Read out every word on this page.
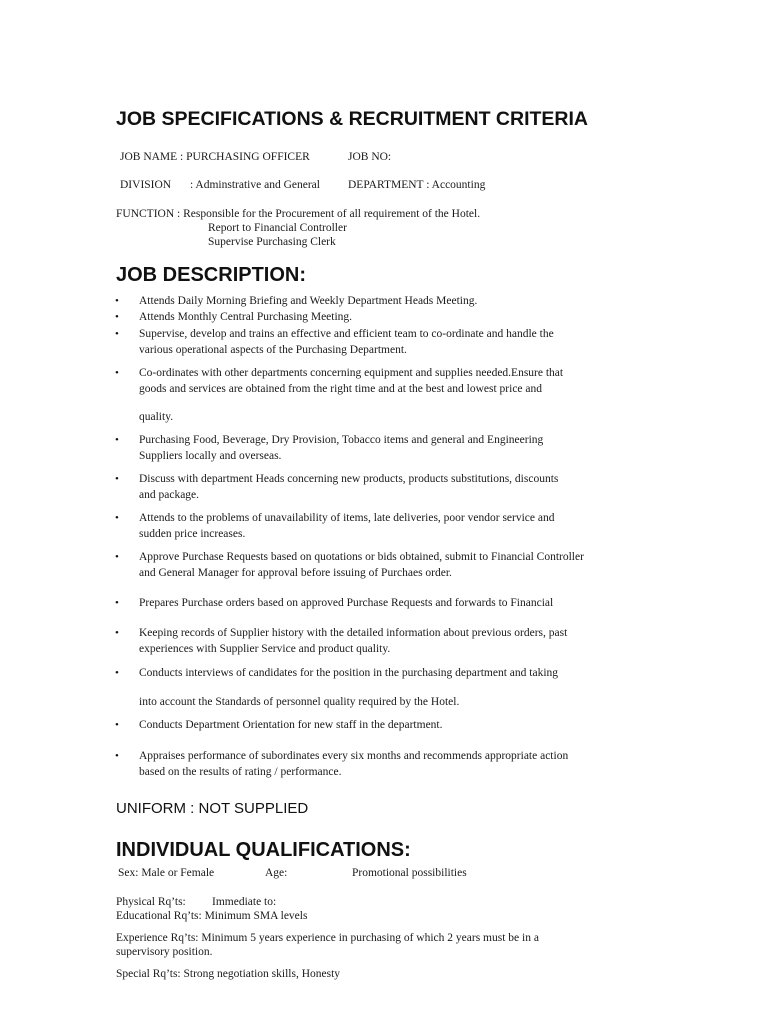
JOB SPECIFICATIONS & RECRUITMENT CRITERIA
JOB NAME : PURCHASING OFFICER	JOB NO:
DIVISION : Adminstrative and General DEPARTMENT : Accounting
FUNCTION : Responsible for the Procurement of all requirement of the Hotel.
Report to Financial Controller
Supervise Purchasing Clerk
JOB DESCRIPTION:
• Attends Daily Morning Briefing and Weekly Department Heads Meeting.
• Attends Monthly Central Purchasing Meeting.
• Supervise, develop and trains an effective and efficient team to co-ordinate and handle the
various operational aspects of the Purchasing Department.
• Co-ordinates with other departments concerning equipment and supplies needed.Ensure that
goods and services are obtained from the right time and at the best and lowest price and
quality.
• Purchasing Food, Beverage, Dry Provision, Tobacco items and general and Engineering
Suppliers locally and overseas.
• Discuss with department Heads concerning new products, products substitutions, discounts
and package.
• Attends to the problems of unavailability of items, late deliveries, poor vendor service and
sudden price increases.
• Approve Purchase Requests based on quotations or bids obtained, submit to Financial Controller
and General Manager for approval before issuing of Purchaes order.
• Prepares Purchase orders based on approved Purchase Requests and forwards to Financial
• Keeping records of Supplier history with the detailed information about previous orders, past
experiences with Supplier Service and product quality.
• Conducts interviews of candidates for the position in the purchasing department and taking
into account the Standards of personnel quality required by the Hotel.
• Conducts Department Orientation for new staff in the department.
• Appraises performance of subordinates every six months and recommends appropriate action
based on the results of rating / performance.
UNIFORM : NOT SUPPLIED
INDIVIDUAL QUALIFICATIONS:
Sex: Male or Female	Age:	Promotional possibilities
Physical Rq’ts: Immediate to:
Educational Rq’ts: Minimum SMA levels
Experience Rq’ts: Minimum 5 years experience in purchasing of which 2 years must be in a
supervisory position.
Special Rq’ts: Strong negotiation skills, Honesty
